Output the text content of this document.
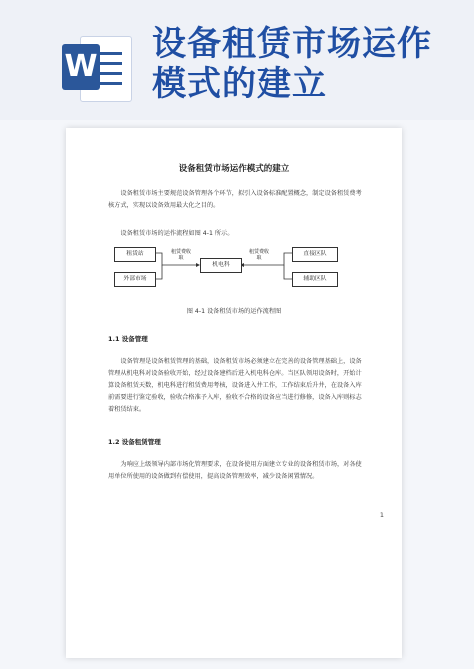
W
设备租赁市场运作模式的建立
设备租赁市场运作模式的建立
设备租赁市场主要规范设备管理各个环节，拟引入设备标准配置概念，制定设备租赁费考核方式，实现以设备效用最大化之目的。
设备租赁市场的运作流程如图 4-1 所示。
租赁站
外部市场
租赁费收取
机电科
租赁费收取
直接区队
辅助区队
图 4-1 设备租赁市场的运作流程图
1.1 设备管理
设备管理是设备租赁管理的基础，设备租赁市场必须建立在完善的设备管理基础上，设备管理从机电科对设备验收开始，经过设备建档后进入机电科仓库。当区队领用设备时，开始计算设备租赁天数，机电科进行租赁费用考核，设备进入井工作，工作结束后升井，在设备入库前需要进行鉴定验收，验收合格准予入库，验收不合格的设备应当进行修修，设备入库则标志着租赁结束。
1.2 设备租赁管理
为响应上级领导内部市场化管理要求，在设备使用方面建立专业的设备租赁市场，对各使用单位所使用的设备做到有偿使用，提高设备管理效率，减少设备闲置情况。
1
